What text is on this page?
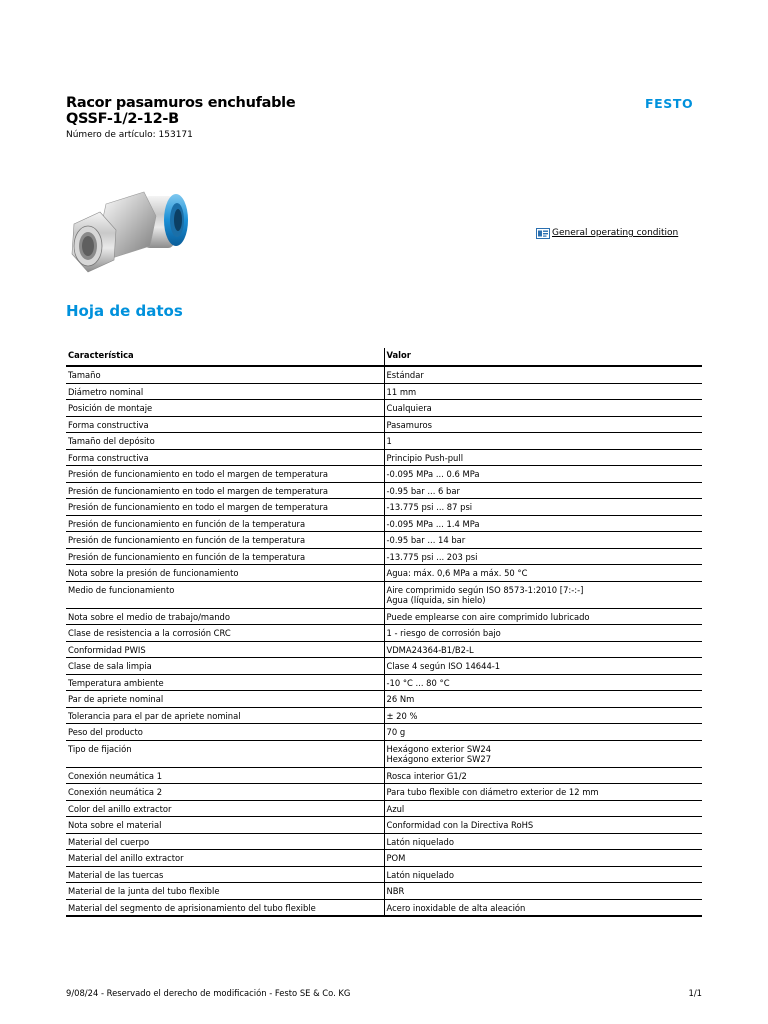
Racor pasamuros enchufable
QSSF-1/2-12-B
Número de artículo: 153171
FESTO
General operating condition
Hoja de datos
Característica	Valor
Tamaño	Estándar

Diámetro nominal	11 mm

Posición de montaje	Cualquiera

Forma constructiva	Pasamuros

Tamaño del depósito	1

Forma constructiva	Principio Push-pull

Presión de funcionamiento en todo el margen de temperatura	-0.095 MPa ... 0.6 MPa

Presión de funcionamiento en todo el margen de temperatura	-0.95 bar ... 6 bar

Presión de funcionamiento en todo el margen de temperatura	-13.775 psi ... 87 psi

Presión de funcionamiento en función de la temperatura	-0.095 MPa ... 1.4 MPa

Presión de funcionamiento en función de la temperatura	-0.95 bar ... 14 bar

Presión de funcionamiento en función de la temperatura	-13.775 psi ... 203 psi

Nota sobre la presión de funcionamiento	Agua: máx. 0,6 MPa a máx. 50 °C

Medio de funcionamiento	Aire comprimido según ISO 8573-1:2010 [7:-:-]
Agua (líquida, sin hielo)

Nota sobre el medio de trabajo/mando	Puede emplearse con aire comprimido lubricado

Clase de resistencia a la corrosión CRC	1 - riesgo de corrosión bajo

Conformidad PWIS	VDMA24364-B1/B2-L

Clase de sala limpia	Clase 4 según ISO 14644-1

Temperatura ambiente	-10 °C ... 80 °C

Par de apriete nominal	26 Nm

Tolerancia para el par de apriete nominal	± 20 %

Peso del producto	70 g

Tipo de fijación	Hexágono exterior SW24
Hexágono exterior SW27

Conexión neumática 1	Rosca interior G1/2

Conexión neumática 2	Para tubo flexible con diámetro exterior de 12 mm

Color del anillo extractor	Azul

Nota sobre el material	Conformidad con la Directiva RoHS

Material del cuerpo	Latón niquelado

Material del anillo extractor	POM

Material de las tuercas	Latón niquelado

Material de la junta del tubo flexible	NBR

Material del segmento de aprisionamiento del tubo flexible	Acero inoxidable de alta aleación
9/08/24 - Reservado el derecho de modificación - Festo SE & Co. KG	1/1
